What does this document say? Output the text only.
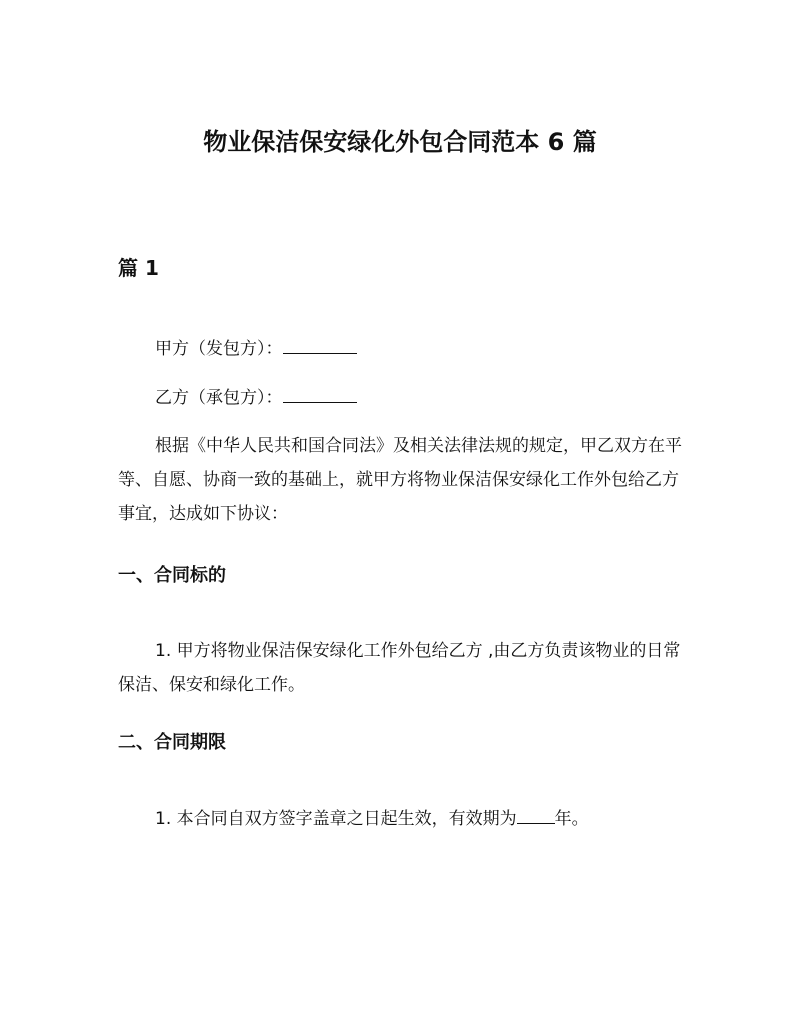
物业保洁保安绿化外包合同范本 6 篇
篇 1

甲方（发包方）：

乙方（承包方）：

根据《中华人民共和国合同法》及相关法律法规的规定，甲乙双方在平等、自愿、协商一致的基础上，就甲方将物业保洁保安绿化工作外包给乙方事宜，达成如下协议：

一、合同标的

1. 甲方将物业保洁保安绿化工作外包给乙方 ,由乙方负责该物业的日常保洁、保安和绿化工作。

二、合同期限

1. 本合同自双方签字盖章之日起生效，有效期为 年。
